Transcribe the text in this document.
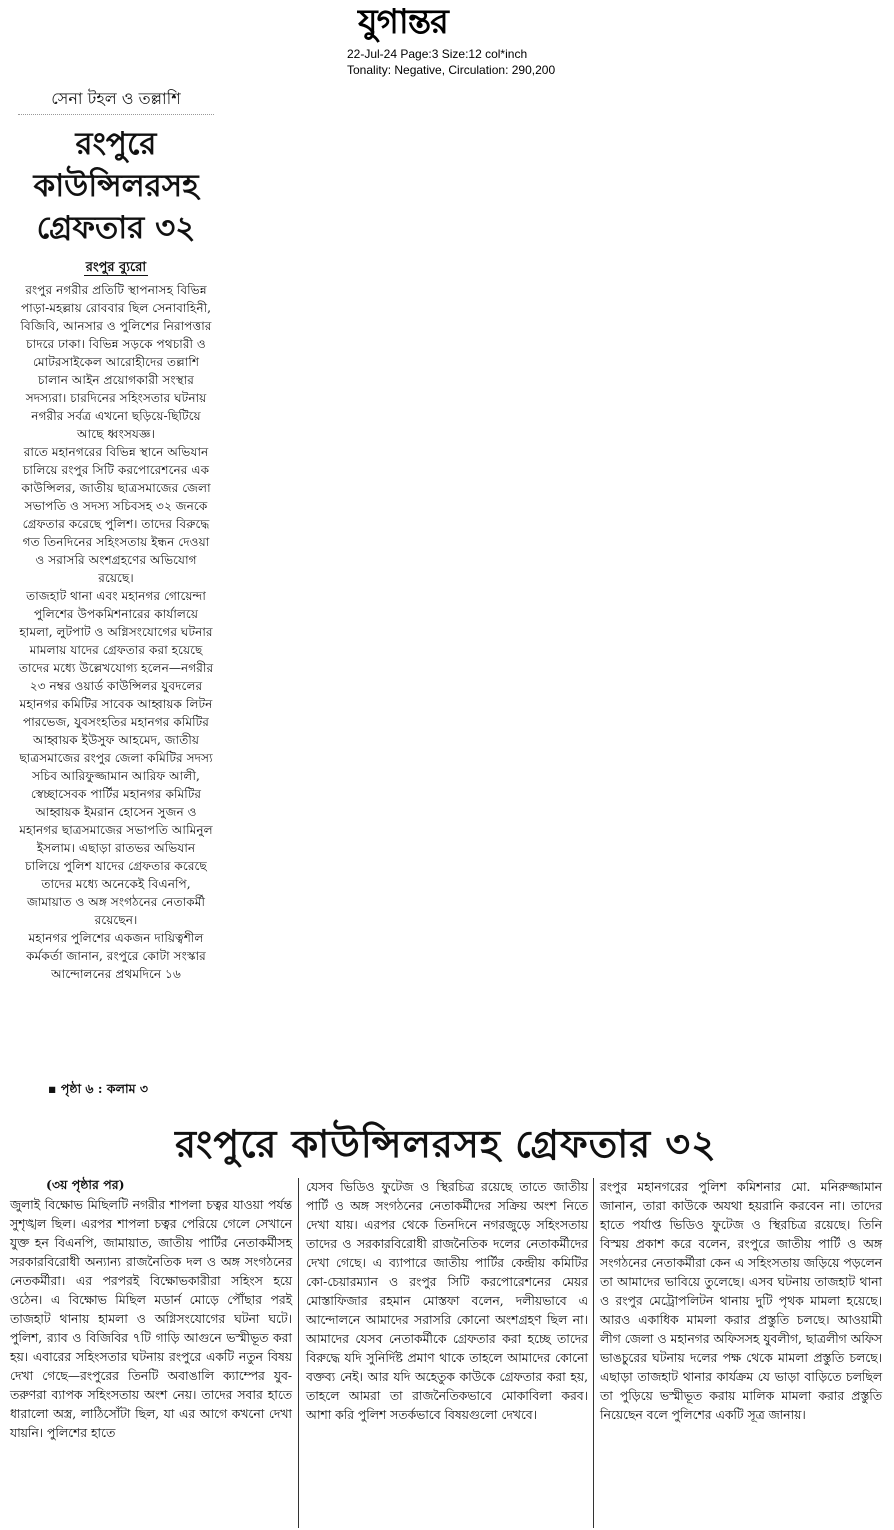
যুগান্তর
22-Jul-24 Page:3 Size:12 col*inch
Tonality: Negative, Circulation: 290,200
সেনা টহল ও তল্লাশি
রংপুরে
কাউন্সিলরসহ
গ্রেফতার ৩২
রংপুর ব্যুরো

রংপুর নগরীর প্রতিটি স্থাপনাসহ বিভিন্ন পাড়া-মহল্লায় রোববার ছিল সেনাবাহিনী, বিজিবি, আনসার ও পুলিশের নিরাপত্তার চাদরে ঢাকা। বিভিন্ন সড়কে পথচারী ও মোটরসাইকেল আরোহীদের তল্লাশি চালান আইন প্রয়োগকারী সংস্থার সদস্যরা। চারদিনের সহিংসতার ঘটনায় নগরীর সর্বত্র এখনো ছড়িয়ে-ছিটিয়ে আছে ধ্বংসযজ্ঞ।

রাতে মহানগরের বিভিন্ন স্থানে অভিযান চালিয়ে রংপুর সিটি করপোরেশনের এক কাউন্সিলর, জাতীয় ছাত্রসমাজের জেলা সভাপতি ও সদস্য সচিবসহ ৩২ জনকে গ্রেফতার করেছে পুলিশ। তাদের বিরুদ্ধে গত তিনদিনের সহিংসতায় ইন্ধন দেওয়া ও সরাসরি অংশগ্রহণের অভিযোগ রয়েছে।

তাজহাট থানা এবং মহানগর গোয়েন্দা পুলিশের উপকমিশনারের কার্যালয়ে হামলা, লুটপাট ও অগ্নিসংযোগের ঘটনার মামলায় যাদের গ্রেফতার করা হয়েছে তাদের মধ্যে উল্লেখযোগ্য হলেন—নগরীর ২৩ নম্বর ওয়ার্ড কাউন্সিলর যুবদলের মহানগর কমিটির সাবেক আহ্বায়ক লিটন পারভেজ, যুবসংহতির মহানগর কমিটির আহ্বায়ক ইউসুফ আহমেদ, জাতীয় ছাত্রসমাজের রংপুর জেলা কমিটির সদস্য সচিব আরিফুজ্জামান আরিফ আলী, স্বেচ্ছাসেবক পার্টির মহানগর কমিটির আহ্বায়ক ইমরান হোসেন সুজন ও মহানগর ছাত্রসমাজের সভাপতি আমিনুল ইসলাম। এছাড়া রাতভর অভিযান চালিয়ে পুলিশ যাদের গ্রেফতার করেছে তাদের মধ্যে অনেকেই বিএনপি, জামায়াত ও অঙ্গ সংগঠনের নেতাকর্মী রয়েছেন।

মহানগর পুলিশের একজন দায়িত্বশীল কর্মকর্তা জানান, রংপুরে কোটা সংস্কার আন্দোলনের প্রথমদিনে ১৬

▪ পৃষ্ঠা ৬ : কলাম ৩
রংপুরে কাউন্সিলরসহ গ্রেফতার ৩২
(৩য় পৃষ্ঠার পর)

জুলাই বিক্ষোভ মিছিলটি নগরীর শাপলা চত্বর যাওয়া পর্যন্ত সুশৃঙ্খল ছিল। এরপর শাপলা চত্বর পেরিয়ে গেলে সেখানে যুক্ত হন বিএনপি, জামায়াত, জাতীয় পার্টির নেতাকর্মীসহ সরকারবিরোধী অন্যান্য রাজনৈতিক দল ও অঙ্গ সংগঠনের নেতকর্মীরা। এর পরপরই বিক্ষোভকারীরা সহিংস হয়ে ওঠেন। এ বিক্ষোভ মিছিল মডার্ন মোড়ে পৌঁছার পরই তাজহাট থানায় হামলা ও অগ্নিসংযোগের ঘটনা ঘটে। পুলিশ, র‌্যাব ও বিজিবির ৭টি গাড়ি আগুনে ভস্মীভূত করা হয়। এবারের সহিংসতার ঘটনায় রংপুরে একটি নতুন বিষয় দেখা গেছে—রংপুরের তিনটি অবাঙালি ক্যাম্পের যুব-তরুণরা ব্যাপক সহিংসতায় অংশ নেয়। তাদের সবার হাতে ধারালো অস্ত্র, লাঠিসোঁটা ছিল, যা এর আগে কখনো দেখা যায়নি। পুলিশের হাতে

যেসব ভিডিও ফুটেজ ও স্থিরচিত্র রয়েছে তাতে জাতীয় পার্টি ও অঙ্গ সংগঠনের নেতাকর্মীদের সক্রিয় অংশ নিতে দেখা যায়। এরপর থেকে তিনদিনে নগরজুড়ে সহিংসতায় তাদের ও সরকারবিরোধী রাজনৈতিক দলের নেতাকর্মীদের দেখা গেছে। এ ব্যাপারে জাতীয় পার্টির কেন্দ্রীয় কমিটির কো-চেয়ারম্যান ও রংপুর সিটি করপোরেশনের মেয়র মোস্তাফিজার রহমান মোস্তফা বলেন, দলীয়ভাবে এ আন্দোলনে আমাদের সরাসরি কোনো অংশগ্রহণ ছিল না। আমাদের যেসব নেতাকর্মীকে গ্রেফতার করা হচ্ছে তাদের বিরুদ্ধে যদি সুনির্দিষ্ট প্রমাণ থাকে তাহলে আমাদের কোনো বক্তব্য নেই। আর যদি অহেতুক কাউকে গ্রেফতার করা হয়, তাহলে আমরা তা রাজনৈতিকভাবে মোকাবিলা করব। আশা করি পুলিশ সতর্কভাবে বিষয়গুলো দেখবে।

রংপুর মহানগরের পুলিশ কমিশনার মো. মনিরুজ্জামান জানান, তারা কাউকে অযথা হয়রানি করবেন না। তাদের হাতে পর্যাপ্ত ভিডিও ফুটেজ ও স্থিরচিত্র রয়েছে। তিনি বিস্ময় প্রকাশ করে বলেন, রংপুরে জাতীয় পার্টি ও অঙ্গ সংগঠনের নেতাকর্মীরা কেন এ সহিংসতায় জড়িয়ে পড়লেন তা আমাদের ভাবিয়ে তুলেছে। এসব ঘটনায় তাজহাট থানা ও রংপুর মেট্রোপলিটন থানায় দুটি পৃথক মামলা হয়েছে। আরও একাধিক মামলা করার প্রস্তুতি চলছে। আওয়ামী লীগ জেলা ও মহানগর অফিসসহ যুবলীগ, ছাত্রলীগ অফিস ভাঙচুরের ঘটনায় দলের পক্ষ থেকে মামলা প্রস্তুতি চলছে। এছাড়া তাজহাট থানার কার্যক্রম যে ভাড়া বাড়িতে চলছিল তা পুড়িয়ে ভস্মীভূত করায় মালিক মামলা করার প্রস্তুতি নিয়েছেন বলে পুলিশের একটি সূত্র জানায়।
